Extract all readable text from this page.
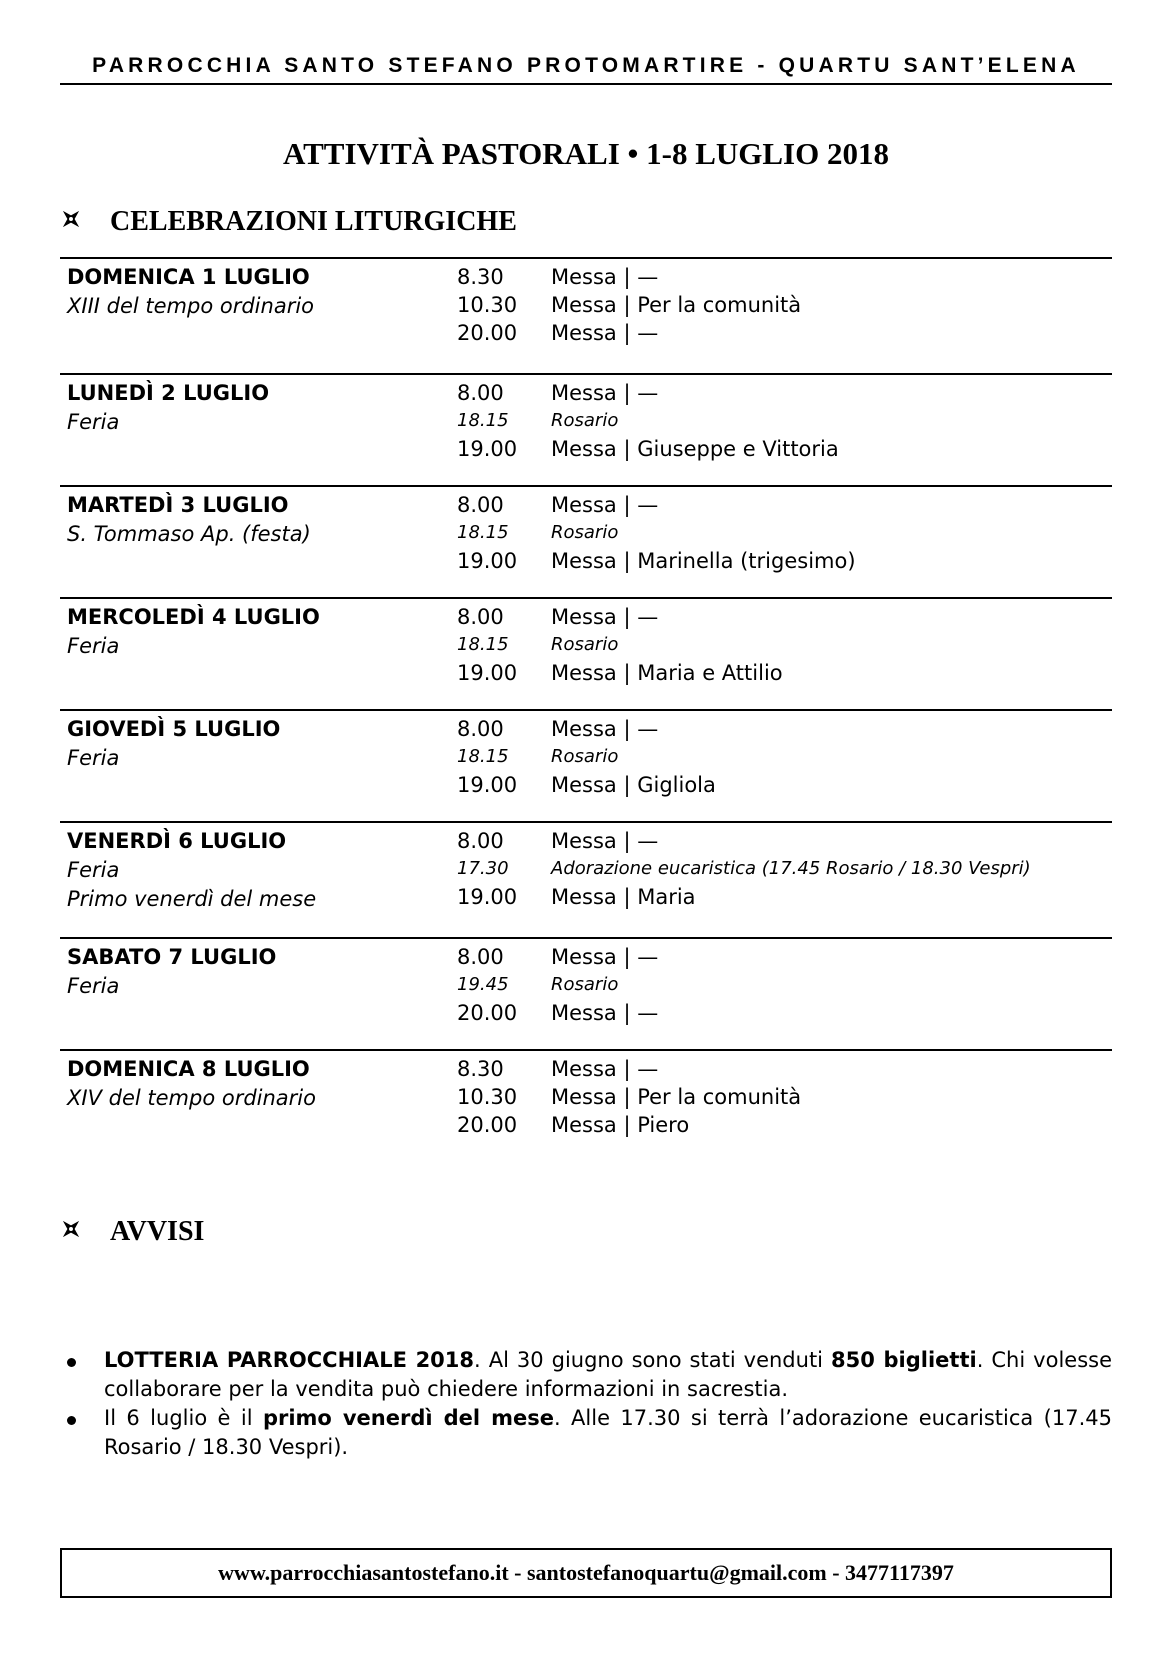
PARROCCHIA SANTO STEFANO PROTOMARTIRE - QUARTU SANT’ELENA
ATTIVITÀ PASTORALI • 1-8 LUGLIO 2018
CELEBRAZIONI LITURGICHE
DOMENICA 1 LUGLIO
XIII del tempo ordinario
8.30	Messa | —
10.30	Messa | Per la comunità
20.00	Messa | —
LUNEDÌ 2 LUGLIO
Feria
8.00	Messa | —
18.15	Rosario
19.00	Messa | Giuseppe e Vittoria
MARTEDÌ 3 LUGLIO
S. Tommaso Ap. (festa)
8.00	Messa | —
18.15	Rosario
19.00	Messa | Marinella (trigesimo)
MERCOLEDÌ 4 LUGLIO
Feria
8.00	Messa | —
18.15	Rosario
19.00	Messa | Maria e Attilio
GIOVEDÌ 5 LUGLIO
Feria
8.00	Messa | —
18.15	Rosario
19.00	Messa | Gigliola
VENERDÌ 6 LUGLIO
Feria
Primo venerdì del mese
8.00	Messa | —
17.30	Adorazione eucaristica (17.45 Rosario / 18.30 Vespri)
19.00	Messa | Maria
SABATO 7 LUGLIO
Feria
8.00	Messa | —
19.45	Rosario
20.00	Messa | —
DOMENICA 8 LUGLIO
XIV del tempo ordinario
8.30	Messa | —
10.30	Messa | Per la comunità
20.00	Messa | Piero
AVVISI

LOTTERIA PARROCCHIALE 2018. Al 30 giugno sono stati venduti 850 biglietti. Chi volesse collaborare per la vendita può chiedere informazioni in sacrestia.

Il 6 luglio è il primo venerdì del mese. Alle 17.30 si terrà l’adorazione eucaristica (17.45 Rosario / 18.30 Vespri).

www.parrocchiasantostefano.it - santostefanoquartu@gmail.com - 3477117397
